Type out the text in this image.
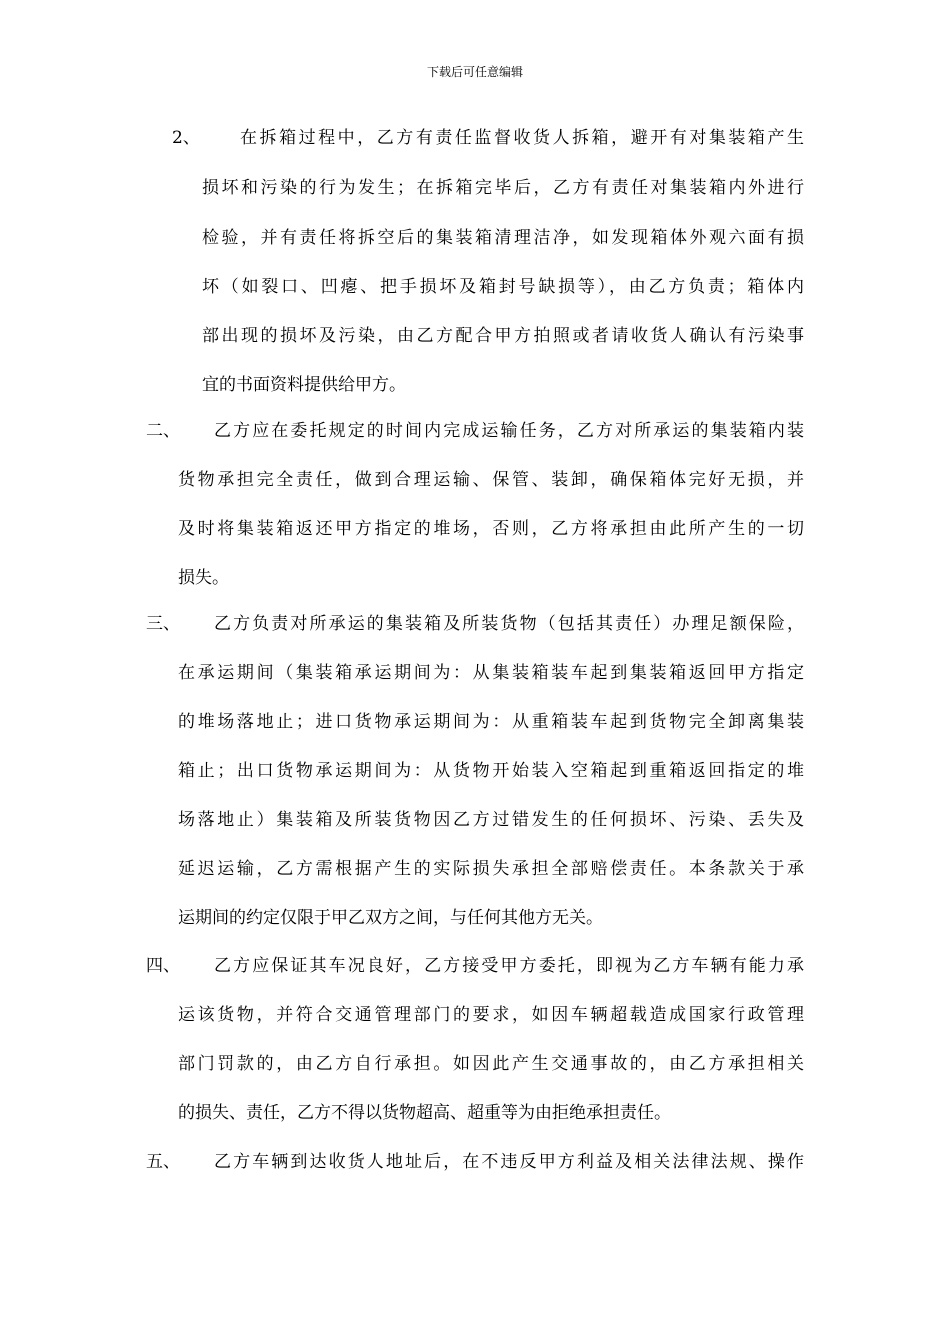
下载后可任意编辑
2、 在拆箱过程中，乙方有责任监督收货人拆箱，避开有对集装箱产生
损坏和污染的行为发生；在拆箱完毕后，乙方有责任对集装箱内外进行
检验，并有责任将拆空后的集装箱清理洁净，如发现箱体外观六面有损
坏（如裂口、凹瘪、把手损坏及箱封号缺损等），由乙方负责；箱体内
部出现的损坏及污染，由乙方配合甲方拍照或者请收货人确认有污染事
宜的书面资料提供给甲方。
二、 乙方应在委托规定的时间内完成运输任务，乙方对所承运的集装箱内装
货物承担完全责任，做到合理运输、保管、装卸，确保箱体完好无损，并
及时将集装箱返还甲方指定的堆场，否则，乙方将承担由此所产生的一切
损失。
三、 乙方负责对所承运的集装箱及所装货物（包括其责任）办理足额保险，
在承运期间（集装箱承运期间为：从集装箱装车起到集装箱返回甲方指定
的堆场落地止；进口货物承运期间为：从重箱装车起到货物完全卸离集装
箱止；出口货物承运期间为：从货物开始装入空箱起到重箱返回指定的堆
场落地止）集装箱及所装货物因乙方过错发生的任何损坏、污染、丢失及
延迟运输，乙方需根据产生的实际损失承担全部赔偿责任。本条款关于承
运期间的约定仅限于甲乙双方之间，与任何其他方无关。
四、 乙方应保证其车况良好，乙方接受甲方委托，即视为乙方车辆有能力承
运该货物，并符合交通管理部门的要求，如因车辆超载造成国家行政管理
部门罚款的，由乙方自行承担。如因此产生交通事故的，由乙方承担相关
的损失、责任，乙方不得以货物超高、超重等为由拒绝承担责任。
五、 乙方车辆到达收货人地址后，在不违反甲方利益及相关法律法规、操作
